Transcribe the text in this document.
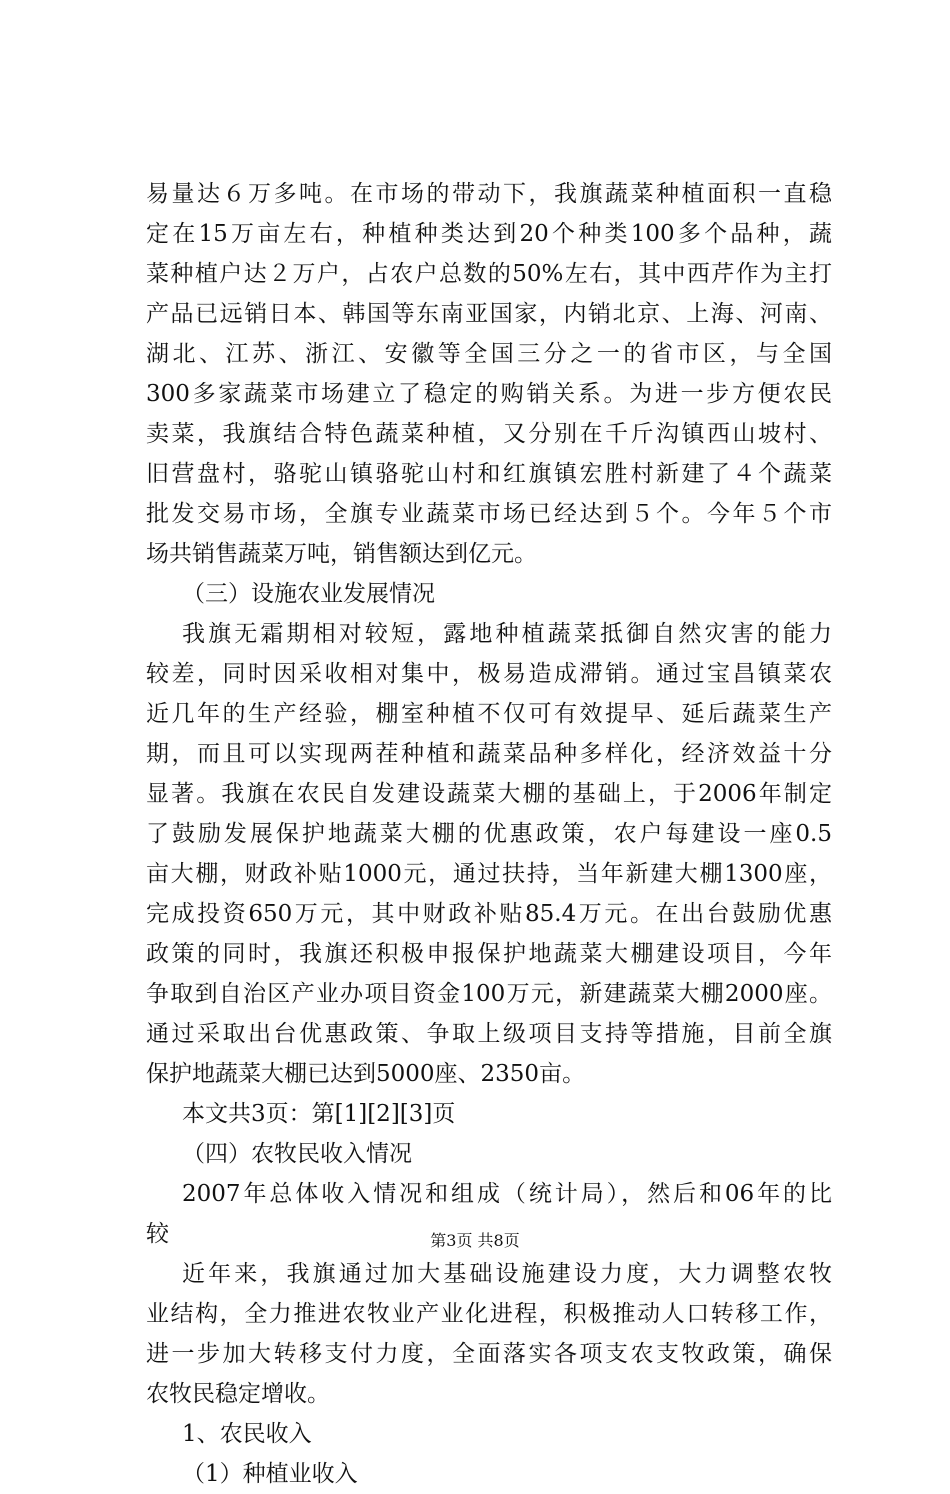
易量达６万多吨。在市场的带动下，我旗蔬菜种植面积一直稳
定在15万亩左右，种植种类达到20个种类100多个品种，蔬
菜种植户达２万户，占农户总数的50%左右，其中西芹作为主打
产品已远销日本、韩国等东南亚国家，内销北京、上海、河南、
湖北、江苏、浙江、安徽等全国三分之一的省市区，与全国
300多家蔬菜市场建立了稳定的购销关系。为进一步方便农民
卖菜，我旗结合特色蔬菜种植，又分别在千斤沟镇西山坡村、
旧营盘村，骆驼山镇骆驼山村和红旗镇宏胜村新建了４个蔬菜
批发交易市场，全旗专业蔬菜市场已经达到５个。今年５个市
场共销售蔬菜万吨，销售额达到亿元。
（三）设施农业发展情况
我旗无霜期相对较短，露地种植蔬菜抵御自然灾害的能力
较差，同时因采收相对集中，极易造成滞销。通过宝昌镇菜农
近几年的生产经验，棚室种植不仅可有效提早、延后蔬菜生产
期，而且可以实现两茬种植和蔬菜品种多样化，经济效益十分
显著。我旗在农民自发建设蔬菜大棚的基础上，于2006年制定
了鼓励发展保护地蔬菜大棚的优惠政策，农户每建设一座0.5
亩大棚，财政补贴1000元，通过扶持，当年新建大棚1300座，
完成投资650万元，其中财政补贴85.4万元。在出台鼓励优惠
政策的同时，我旗还积极申报保护地蔬菜大棚建设项目，今年
争取到自治区产业办项目资金100万元，新建蔬菜大棚2000座。
通过采取出台优惠政策、争取上级项目支持等措施，目前全旗
保护地蔬菜大棚已达到5000座、2350亩。
本文共3页：第[1][2][3]页
（四）农牧民收入情况
2007年总体收入情况和组成（统计局），然后和06年的比
较
近年来，我旗通过加大基础设施建设力度，大力调整农牧
业结构，全力推进农牧业产业化进程，积极推动人口转移工作，
进一步加大转移支付力度，全面落实各项支农支牧政策，确保
农牧民稳定增收。
1、农民收入
（1）种植业收入
第3页 共8页
